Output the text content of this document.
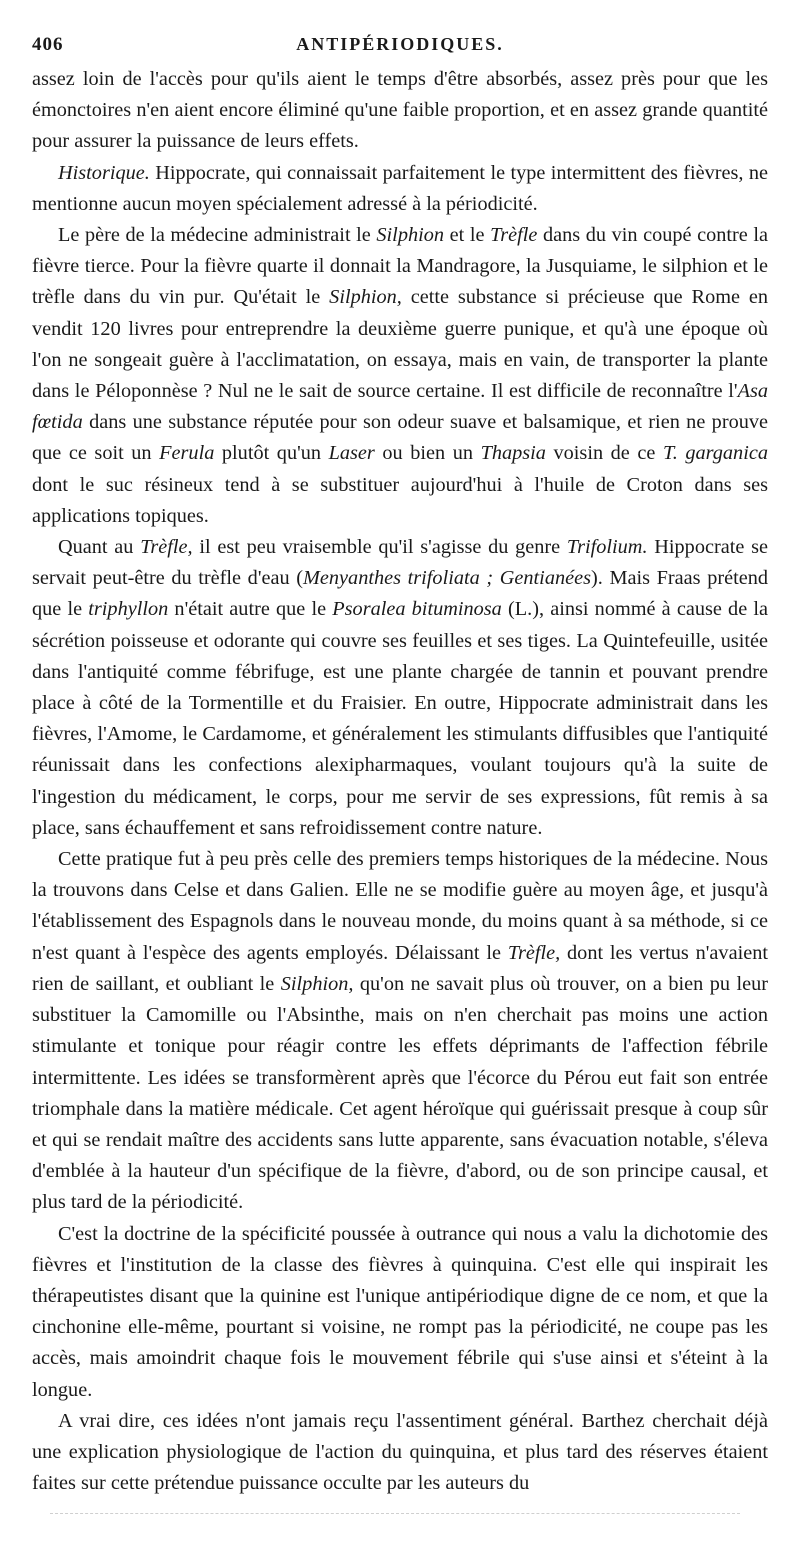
406	ANTIPÉRIODIQUES.

assez loin de l'accès pour qu'ils aient le temps d'être absorbés, assez près pour que les émonctoires n'en aient encore éliminé qu'une faible proportion, et en assez grande quantité pour assurer la puissance de leurs effets.

Historique. Hippocrate, qui connaissait parfaitement le type intermittent des fièvres, ne mentionne aucun moyen spécialement adressé à la périodicité.

Le père de la médecine administrait le Silphion et le Trèfle dans du vin coupé contre la fièvre tierce. Pour la fièvre quarte il donnait la Mandragore, la Jusquiame, le silphion et le trèfle dans du vin pur. Qu'était le Silphion, cette substance si précieuse que Rome en vendit 120 livres pour entreprendre la deuxième guerre punique, et qu'à une époque où l'on ne songeait guère à l'acclimatation, on essaya, mais en vain, de transporter la plante dans le Péloponnèse ? Nul ne le sait de source certaine. Il est difficile de reconnaître l'Asa fœtida dans une substance réputée pour son odeur suave et balsamique, et rien ne prouve que ce soit un Ferula plutôt qu'un Laser ou bien un Thapsia voisin de ce T. garganica dont le suc résineux tend à se substituer aujourd'hui à l'huile de Croton dans ses applications topiques.

Quant au Trèfle, il est peu vraisemble qu'il s'agisse du genre Trifolium. Hippocrate se servait peut-être du trèfle d'eau (Menyanthes trifoliata ; Gentianées). Mais Fraas prétend que le triphyllon n'était autre que le Psoralea bituminosa (L.), ainsi nommé à cause de la sécrétion poisseuse et odorante qui couvre ses feuilles et ses tiges. La Quintefeuille, usitée dans l'antiquité comme fébrifuge, est une plante chargée de tannin et pouvant prendre place à côté de la Tormentille et du Fraisier. En outre, Hippocrate administrait dans les fièvres, l'Amome, le Cardamome, et généralement les stimulants diffusibles que l'antiquité réunissait dans les confections alexipharmaques, voulant toujours qu'à la suite de l'ingestion du médicament, le corps, pour me servir de ses expressions, fût remis à sa place, sans échauffement et sans refroidissement contre nature.

Cette pratique fut à peu près celle des premiers temps historiques de la médecine. Nous la trouvons dans Celse et dans Galien. Elle ne se modifie guère au moyen âge, et jusqu'à l'établissement des Espagnols dans le nouveau monde, du moins quant à sa méthode, si ce n'est quant à l'espèce des agents employés. Délaissant le Trèfle, dont les vertus n'avaient rien de saillant, et oubliant le Silphion, qu'on ne savait plus où trouver, on a bien pu leur substituer la Camomille ou l'Absinthe, mais on n'en cherchait pas moins une action stimulante et tonique pour réagir contre les effets déprimants de l'affection fébrile intermittente. Les idées se transformèrent après que l'écorce du Pérou eut fait son entrée triomphale dans la matière médicale. Cet agent héroïque qui guérissait presque à coup sûr et qui se rendait maître des accidents sans lutte apparente, sans évacuation notable, s'éleva d'emblée à la hauteur d'un spécifique de la fièvre, d'abord, ou de son principe causal, et plus tard de la périodicité.

C'est la doctrine de la spécificité poussée à outrance qui nous a valu la dichotomie des fièvres et l'institution de la classe des fièvres à quinquina. C'est elle qui inspirait les thérapeutistes disant que la quinine est l'unique antipériodique digne de ce nom, et que la cinchonine elle-même, pourtant si voisine, ne rompt pas la périodicité, ne coupe pas les accès, mais amoindrit chaque fois le mouvement fébrile qui s'use ainsi et s'éteint à la longue.

A vrai dire, ces idées n'ont jamais reçu l'assentiment général. Barthez cherchait déjà une explication physiologique de l'action du quinquina, et plus tard des réserves étaient faites sur cette prétendue puissance occulte par les auteurs du
